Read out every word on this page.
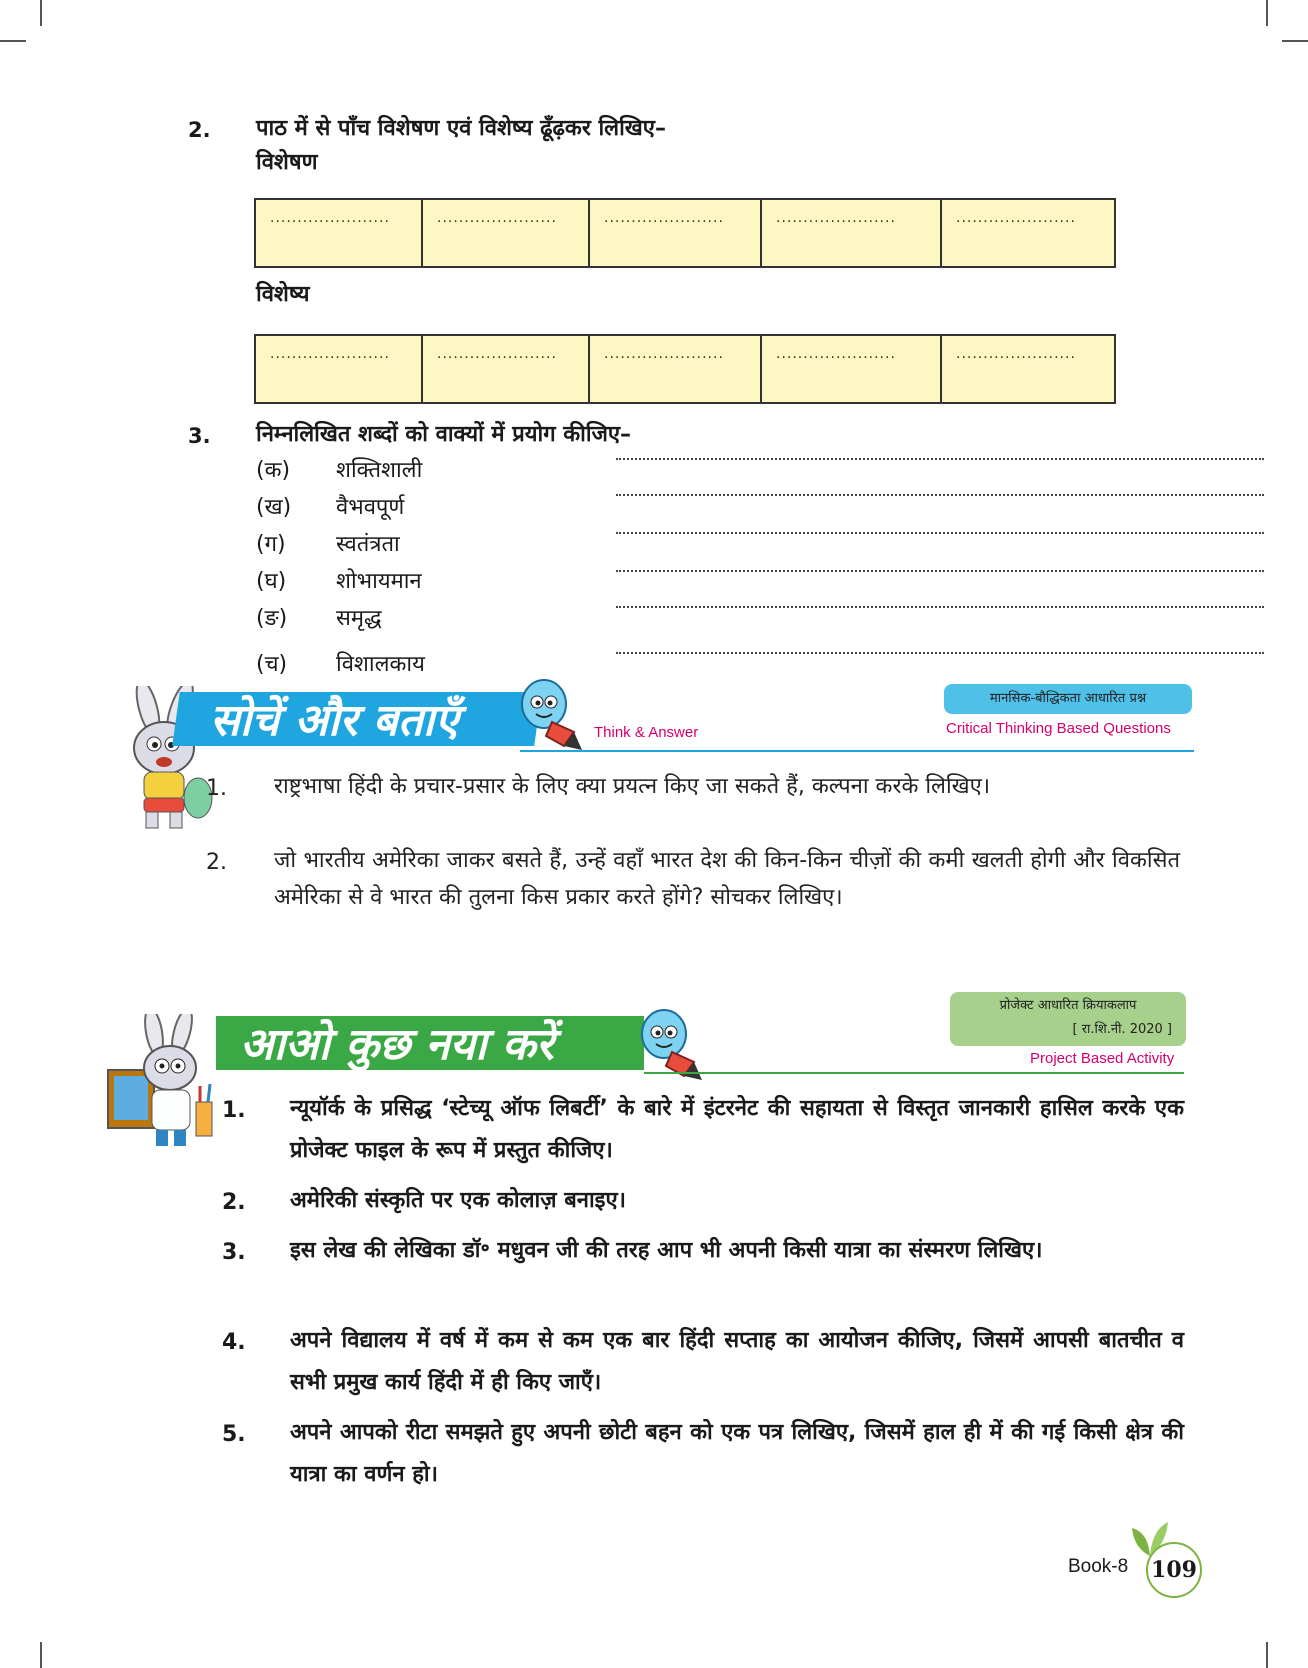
2. पाठ में से पाँच विशेषण एवं विशेष्य ढूँढ़कर लिखिए–
विशेषण
......................	......................	......................	......................	......................
विशेष्य
......................	......................	......................	......................	......................
3. निम्नलिखित शब्दों को वाक्यों में प्रयोग कीजिए–
(क)	शक्तिशाली
(ख)	वैभवपूर्ण
(ग)	स्वतंत्रता
(घ)	शोभायमान
(ङ)	समृद्ध
(च)	विशालकाय
सोचें और बताएँ	Think & Answer
मानसिक-बौद्धिकता आधारित प्रश्न
Critical Thinking Based Questions
1. राष्ट्रभाषा हिंदी के प्रचार-प्रसार के लिए क्या प्रयत्न किए जा सकते हैं, कल्पना करके लिखिए।
2. जो भारतीय अमेरिका जाकर बसते हैं, उन्हें वहाँ भारत देश की किन-किन चीज़ों की कमी खलती होगी और विकसित अमेरिका से वे भारत की तुलना किस प्रकार करते होंगे? सोचकर लिखिए।
आओ कुछ नया करें
प्रोजेक्ट आधारित क्रियाकलाप
[ रा.शि.नी. 2020 ]
Project Based Activity
1. न्यूयॉर्क के प्रसिद्ध ‘स्टेच्यू ऑफ लिबर्टी’ के बारे में इंटरनेट की सहायता से विस्तृत जानकारी हासिल करके एक प्रोजेक्ट फाइल के रूप में प्रस्तुत कीजिए।
2. अमेरिकी संस्कृति पर एक कोलाज़ बनाइए।
3. इस लेख की लेखिका डॉ॰ मधुवन जी की तरह आप भी अपनी किसी यात्रा का संस्मरण लिखिए।
4. अपने विद्यालय में वर्ष में कम से कम एक बार हिंदी सप्ताह का आयोजन कीजिए, जिसमें आपसी बातचीत व सभी प्रमुख कार्य हिंदी में ही किए जाएँ।
5. अपने आपको रीटा समझते हुए अपनी छोटी बहन को एक पत्र लिखिए, जिसमें हाल ही में की गई किसी क्षेत्र की यात्रा का वर्णन हो।
Book-8 109
